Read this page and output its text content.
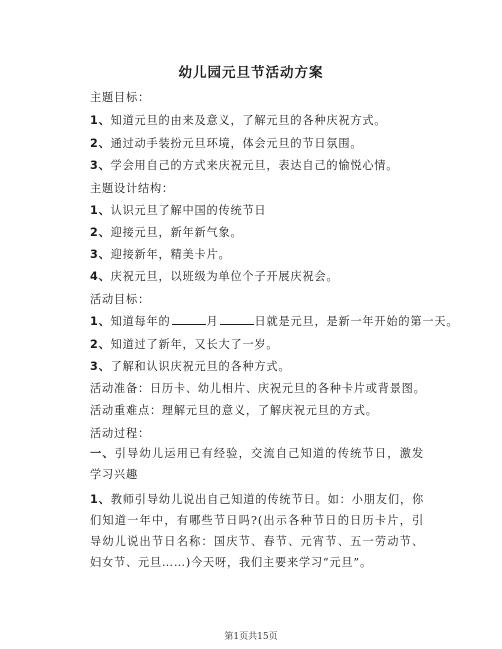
幼儿园元旦节活动方案
主题目标：
1、知道元旦的由来及意义，了解元旦的各种庆祝方式。
2、通过动手装扮元旦环境，体会元旦的节日氛围。
3、学会用自己的方式来庆祝元旦，表达自己的愉悦心情。
主题设计结构：
1、认识元旦了解中国的传统节日
2、迎接元旦，新年新气象。
3、迎接新年，精美卡片。
4、庆祝元旦，以班级为单位个子开展庆祝会。
活动目标：
1、知道每年的	月	日就是元旦，是新一年开始的第一天。
2、知道过了新年，又长大了一岁。
3、了解和认识庆祝元旦的各种方式。
活动准备：日历卡、幼儿相片、庆祝元旦的各种卡片或背景图。
活动重难点：理解元旦的意义，了解庆祝元旦的方式。
活动过程：
一、引导幼儿运用已有经验，交流自己知道的传统节日，激发学习兴趣
1、教师引导幼儿说出自己知道的传统节日。如：小朋友们，你们知道一年中，有哪些节日吗?(出示各种节日的日历卡片，引导幼儿说出节日名称：国庆节、春节、元宵节、五一劳动节、妇女节、元旦……)今天呀，我们主要来学习“元旦”。
第1页共15页
